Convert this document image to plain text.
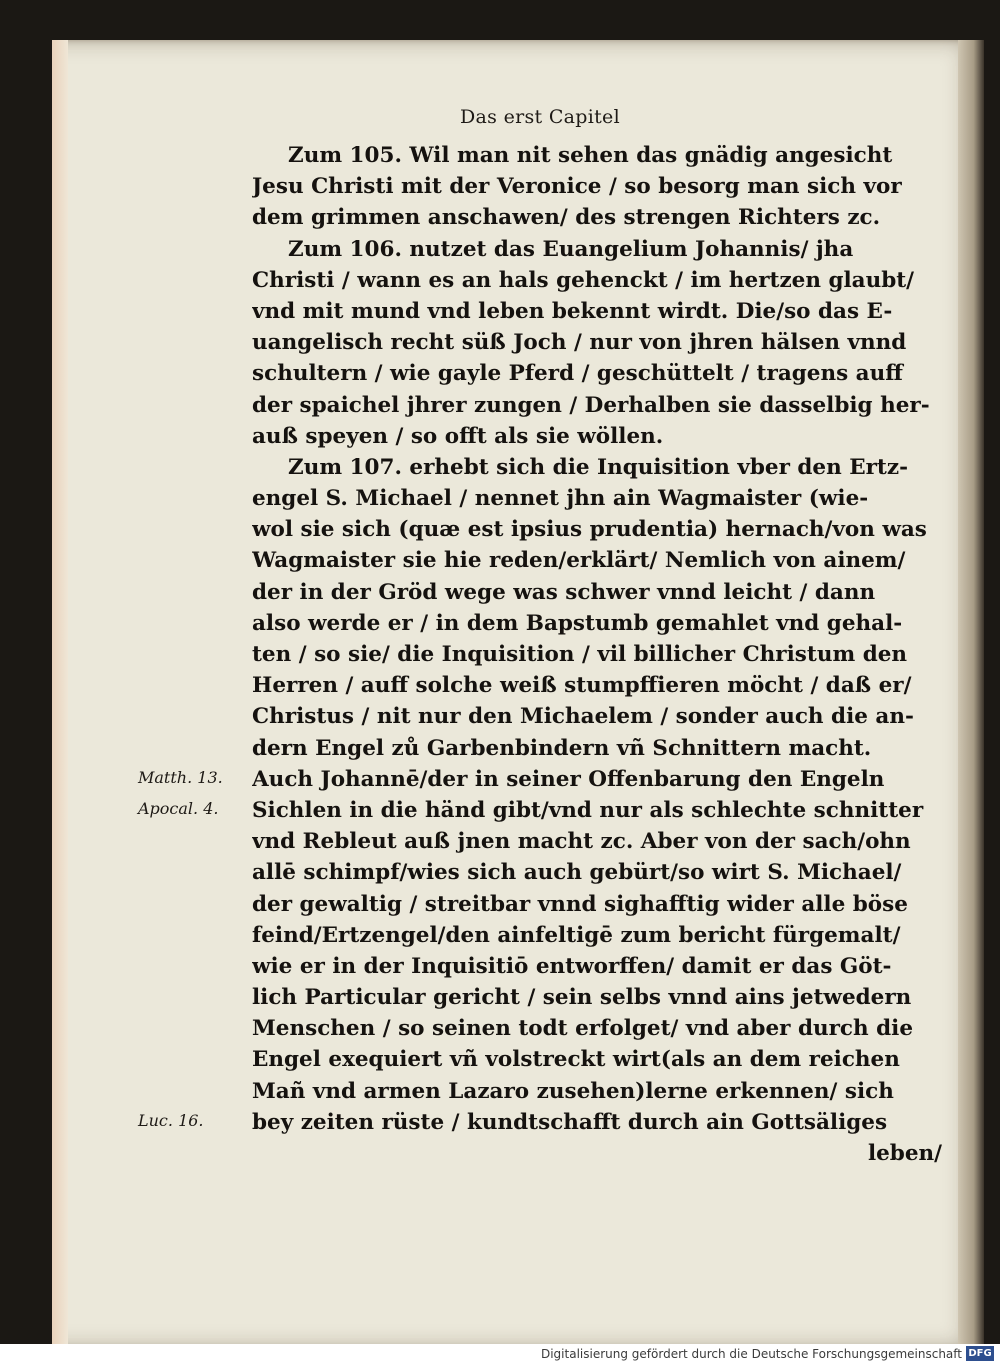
Das erst Capitel
Zum 105. Wil man nit sehen das gnädig angesicht
Jesu Christi mit der Veronice / so besorg man sich vor
dem grimmen anschawen/ des strengen Richters zc.
Zum 106. nutzet das Euangelium Johannis/ jha
Christi / wann es an hals gehenckt / im hertzen glaubt/
vnd mit mund vnd leben bekennt wirdt. Die/so das E-
uangelisch recht süß Joch / nur von jhren hälsen vnnd
schultern / wie gayle Pferd / geschüttelt / tragens auff
der spaichel jhrer zungen / Derhalben sie dasselbig her-
auß speyen / so offt als sie wöllen.
Zum 107. erhebt sich die Inquisition vber den Ertz-
engel S. Michael / nennet jhn ain Wagmaister (wie-
wol sie sich (quæ est ipsius prudentia) hernach/von was
Wagmaister sie hie reden/erklärt/ Nemlich von ainem/
der in der Gröd wege was schwer vnnd leicht / dann
also werde er / in dem Bapstumb gemahlet vnd gehal-
ten / so sie/ die Inquisition / vil billicher Christum den
Herren / auff solche weiß stumpffieren möcht / daß er/
Christus / nit nur den Michaelem / sonder auch die an-
dern Engel zů Garbenbindern vñ Schnittern macht.
Auch Johannē/der in seiner Offenbarung den Engeln
Sichlen in die händ gibt/vnd nur als schlechte schnitter
vnd Rebleut auß jnen macht zc. Aber von der sach/ohn
allē schimpf/wies sich auch gebürt/so wirt S. Michael/
der gewaltig / streitbar vnnd sighafftig wider alle böse
feind/Ertzengel/den ainfeltigē zum bericht fürgemalt/
wie er in der Inquisitiō entworffen/ damit er das Göt-
lich Particular gericht / sein selbs vnnd ains jetwedern
Menschen / so seinen todt erfolget/ vnd aber durch die
Engel exequiert vñ volstreckt wirt(als an dem reichen
Mañ vnd armen Lazaro zusehen)lerne erkennen/ sich
bey zeiten rüste / kundtschafft durch ain Gottsäliges
leben/
Matth. 13.
Apocal. 4.
Luc. 16.
Digitalisierung gefördert durch die Deutsche Forschungsgemeinschaft DFG
